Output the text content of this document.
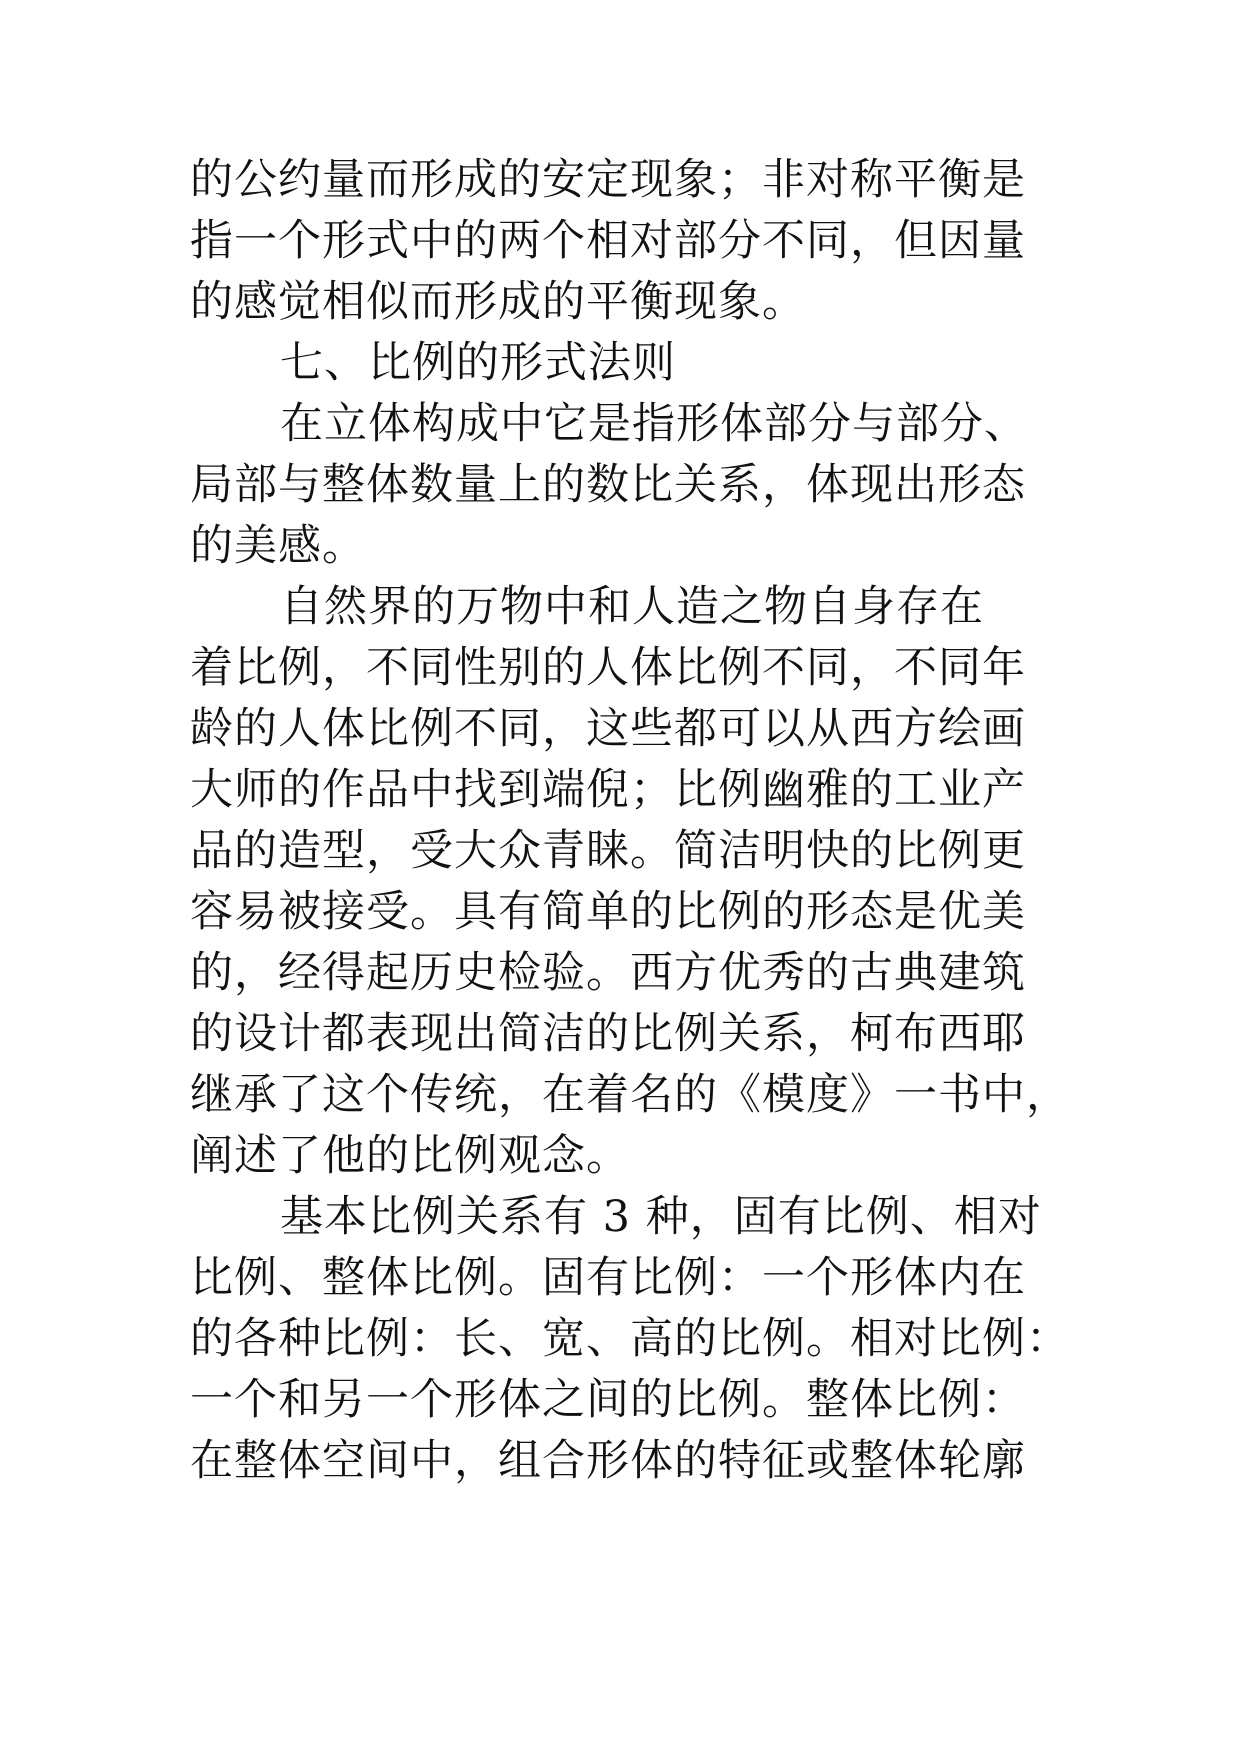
的公约量而形成的安定现象；非对称平衡是
指一个形式中的两个相对部分不同，但因量
的感觉相似而形成的平衡现象。
七、比例的形式法则
在立体构成中它是指形体部分与部分、
局部与整体数量上的数比关系，体现出形态
的美感。
自然界的万物中和人造之物自身存在
着比例，不同性别的人体比例不同，不同年
龄的人体比例不同，这些都可以从西方绘画
大师的作品中找到端倪；比例幽雅的工业产
品的造型，受大众青睐。简洁明快的比例更
容易被接受。具有简单的比例的形态是优美
的，经得起历史检验。西方优秀的古典建筑
的设计都表现出简洁的比例关系，柯布西耶
继承了这个传统，在着名的《模度》一书中，
阐述了他的比例观念。
基本比例关系有 3 种，固有比例、相对
比例、整体比例。固有比例：一个形体内在
的各种比例：长、宽、高的比例。相对比例：
一个和另一个形体之间的比例。整体比例：
在整体空间中，组合形体的特征或整体轮廓
